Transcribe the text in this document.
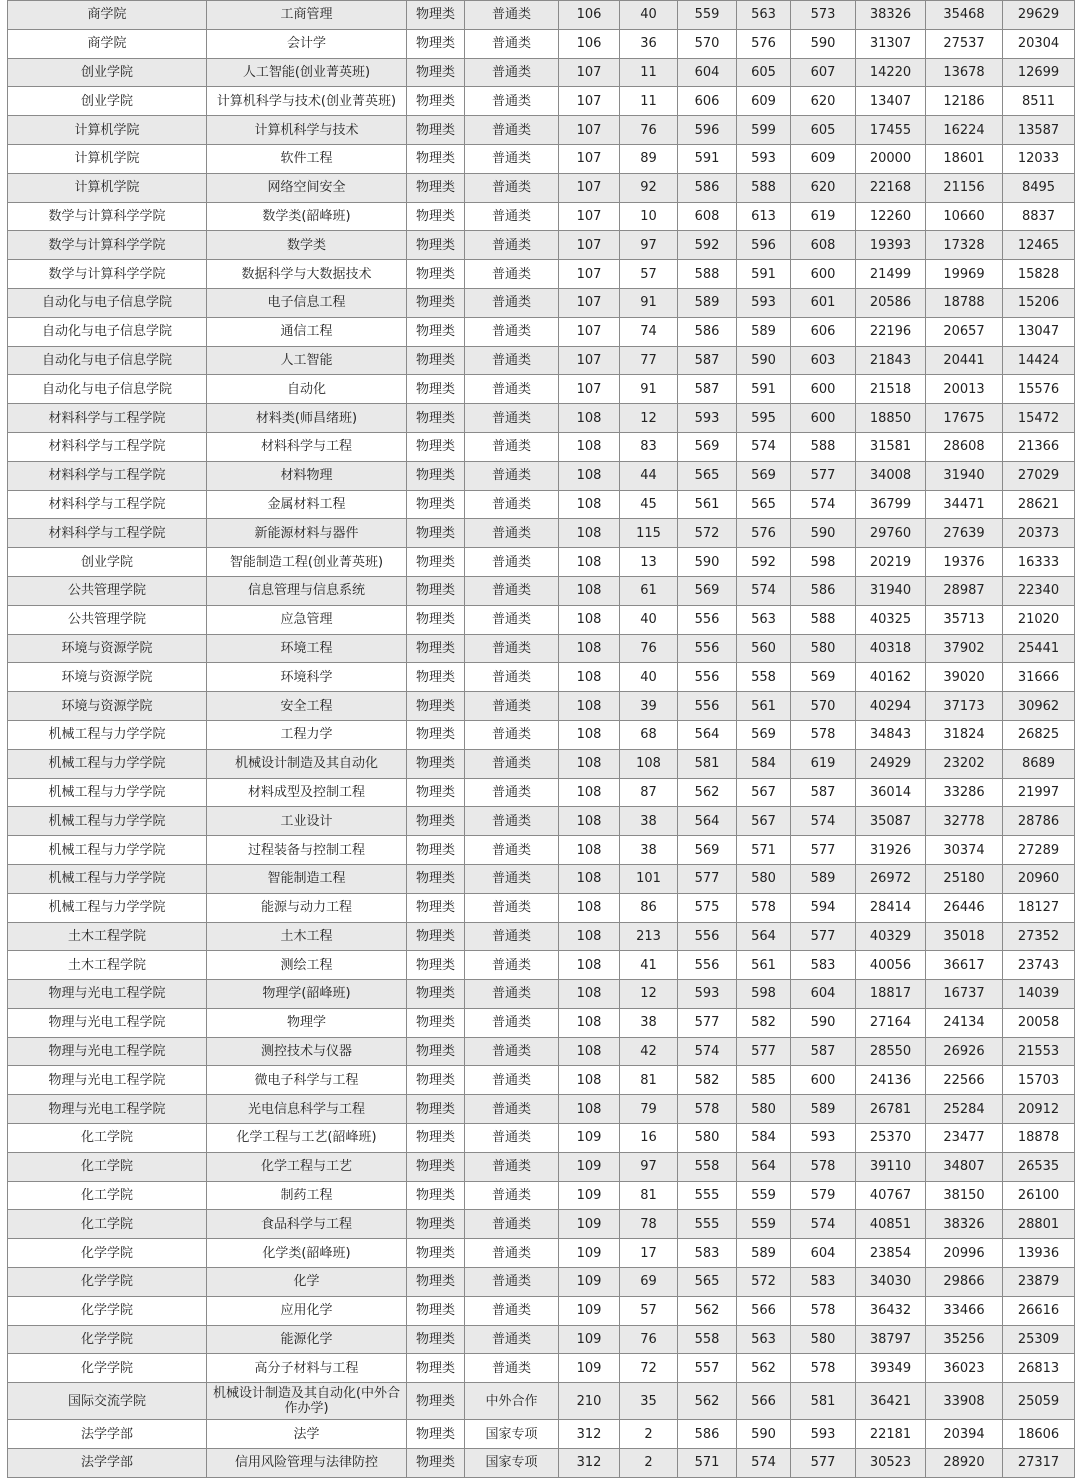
商学院	工商管理	物理类	普通类	106	40	559	563	573	38326	35468	29629
商学院	会计学	物理类	普通类	106	36	570	576	590	31307	27537	20304
创业学院	人工智能(创业菁英班)	物理类	普通类	107	11	604	605	607	14220	13678	12699
创业学院	计算机科学与技术(创业菁英班)	物理类	普通类	107	11	606	609	620	13407	12186	8511
计算机学院	计算机科学与技术	物理类	普通类	107	76	596	599	605	17455	16224	13587
计算机学院	软件工程	物理类	普通类	107	89	591	593	609	20000	18601	12033
计算机学院	网络空间安全	物理类	普通类	107	92	586	588	620	22168	21156	8495
数学与计算科学学院	数学类(韶峰班)	物理类	普通类	107	10	608	613	619	12260	10660	8837
数学与计算科学学院	数学类	物理类	普通类	107	97	592	596	608	19393	17328	12465
数学与计算科学学院	数据科学与大数据技术	物理类	普通类	107	57	588	591	600	21499	19969	15828
自动化与电子信息学院	电子信息工程	物理类	普通类	107	91	589	593	601	20586	18788	15206
自动化与电子信息学院	通信工程	物理类	普通类	107	74	586	589	606	22196	20657	13047
自动化与电子信息学院	人工智能	物理类	普通类	107	77	587	590	603	21843	20441	14424
自动化与电子信息学院	自动化	物理类	普通类	107	91	587	591	600	21518	20013	15576
材料科学与工程学院	材料类(师昌绪班)	物理类	普通类	108	12	593	595	600	18850	17675	15472
材料科学与工程学院	材料科学与工程	物理类	普通类	108	83	569	574	588	31581	28608	21366
材料科学与工程学院	材料物理	物理类	普通类	108	44	565	569	577	34008	31940	27029
材料科学与工程学院	金属材料工程	物理类	普通类	108	45	561	565	574	36799	34471	28621
材料科学与工程学院	新能源材料与器件	物理类	普通类	108	115	572	576	590	29760	27639	20373
创业学院	智能制造工程(创业菁英班)	物理类	普通类	108	13	590	592	598	20219	19376	16333
公共管理学院	信息管理与信息系统	物理类	普通类	108	61	569	574	586	31940	28987	22340
公共管理学院	应急管理	物理类	普通类	108	40	556	563	588	40325	35713	21020
环境与资源学院	环境工程	物理类	普通类	108	76	556	560	580	40318	37902	25441
环境与资源学院	环境科学	物理类	普通类	108	40	556	558	569	40162	39020	31666
环境与资源学院	安全工程	物理类	普通类	108	39	556	561	570	40294	37173	30962
机械工程与力学学院	工程力学	物理类	普通类	108	68	564	569	578	34843	31824	26825
机械工程与力学学院	机械设计制造及其自动化	物理类	普通类	108	108	581	584	619	24929	23202	8689
机械工程与力学学院	材料成型及控制工程	物理类	普通类	108	87	562	567	587	36014	33286	21997
机械工程与力学学院	工业设计	物理类	普通类	108	38	564	567	574	35087	32778	28786
机械工程与力学学院	过程装备与控制工程	物理类	普通类	108	38	569	571	577	31926	30374	27289
机械工程与力学学院	智能制造工程	物理类	普通类	108	101	577	580	589	26972	25180	20960
机械工程与力学学院	能源与动力工程	物理类	普通类	108	86	575	578	594	28414	26446	18127
土木工程学院	土木工程	物理类	普通类	108	213	556	564	577	40329	35018	27352
土木工程学院	测绘工程	物理类	普通类	108	41	556	561	583	40056	36617	23743
物理与光电工程学院	物理学(韶峰班)	物理类	普通类	108	12	593	598	604	18817	16737	14039
物理与光电工程学院	物理学	物理类	普通类	108	38	577	582	590	27164	24134	20058
物理与光电工程学院	测控技术与仪器	物理类	普通类	108	42	574	577	587	28550	26926	21553
物理与光电工程学院	微电子科学与工程	物理类	普通类	108	81	582	585	600	24136	22566	15703
物理与光电工程学院	光电信息科学与工程	物理类	普通类	108	79	578	580	589	26781	25284	20912
化工学院	化学工程与工艺(韶峰班)	物理类	普通类	109	16	580	584	593	25370	23477	18878
化工学院	化学工程与工艺	物理类	普通类	109	97	558	564	578	39110	34807	26535
化工学院	制药工程	物理类	普通类	109	81	555	559	579	40767	38150	26100
化工学院	食品科学与工程	物理类	普通类	109	78	555	559	574	40851	38326	28801
化学学院	化学类(韶峰班)	物理类	普通类	109	17	583	589	604	23854	20996	13936
化学学院	化学	物理类	普通类	109	69	565	572	583	34030	29866	23879
化学学院	应用化学	物理类	普通类	109	57	562	566	578	36432	33466	26616
化学学院	能源化学	物理类	普通类	109	76	558	563	580	38797	35256	25309
化学学院	高分子材料与工程	物理类	普通类	109	72	557	562	578	39349	36023	26813
国际交流学院	机械设计制造及其自动化(中外合作办学)	物理类	中外合作	210	35	562	566	581	36421	33908	25059
法学学部	法学	物理类	国家专项	312	2	586	590	593	22181	20394	18606
法学学部	信用风险管理与法律防控	物理类	国家专项	312	2	571	574	577	30523	28920	27317
